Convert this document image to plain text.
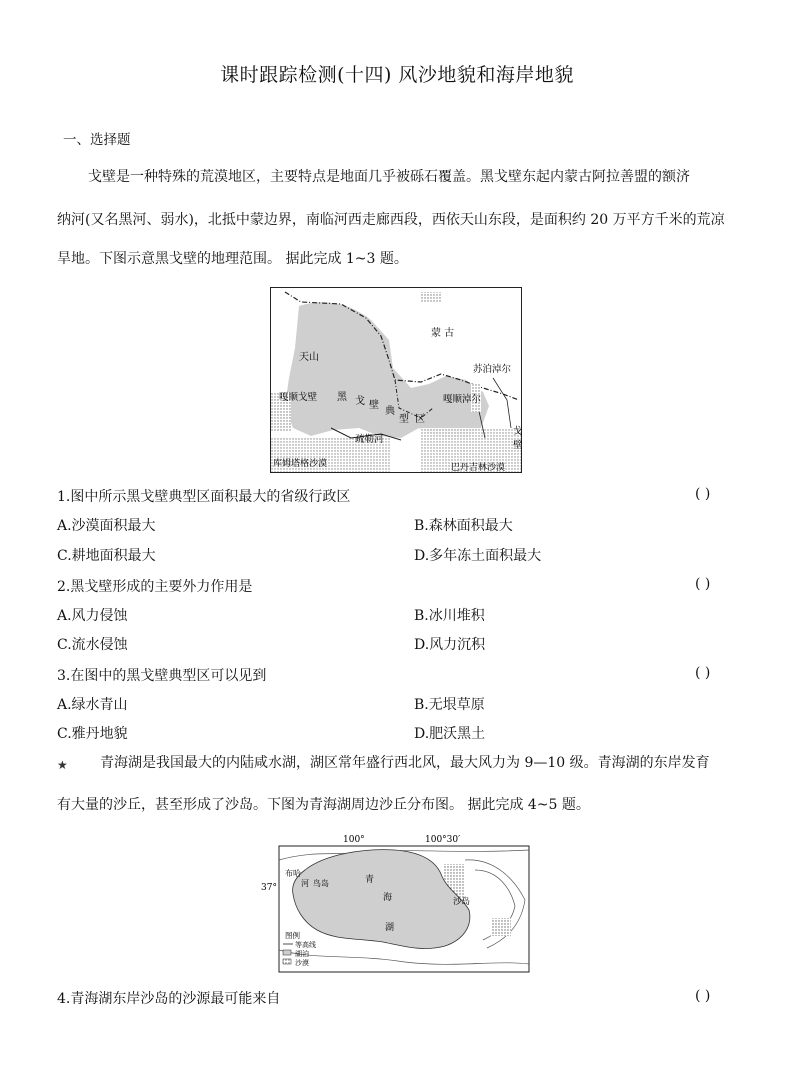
课时跟踪检测(十四) 风沙地貌和海岸地貌
一、选择题
戈壁是一种特殊的荒漠地区，主要特点是地面几乎被砾石覆盖。黑戈壁东起内蒙古阿拉善盟的额济
纳河(又名黑河、弱水)，北抵中蒙边界，南临河西走廊西段，西依天山东段，是面积约 20 万平方千米的荒凉
旱地。下图示意黑戈壁的地理范围。 据此完成 1~3 题。
蒙 古
天山
嘎顺戈壁 黑 戈 壁
典
型 区
苏泊淖尔
嘎顺淖尔
疏勒河
库姆塔格沙漠	巴丹吉林沙漠
戈
壁
1.图中所示黑戈壁典型区面积最大的省级行政区	( )
A.沙漠面积最大	B.森林面积最大
C.耕地面积最大	D.多年冻土面积最大
2.黑戈壁形成的主要外力作用是	( )
A.风力侵蚀	B.冰川堆积
C.流水侵蚀	D.风力沉积
3.在图中的黑戈壁典型区可以见到	( )
A.绿水青山	B.无垠草原
C.雅丹地貌	D.肥沃黑土
★ 青海湖是我国最大的内陆咸水湖，湖区常年盛行西北风，最大风力为 9—10 级。青海湖的东岸发育
有大量的沙丘，甚至形成了沙岛。下图为青海湖周边沙丘分布图。 据此完成 4~5 题。
100°	100°30′
37°
青
海
湖
沙岛
布哈
鸟岛
河
图例
等高线
湖泊
沙漠
4.青海湖东岸沙岛的沙源最可能来自	( )
